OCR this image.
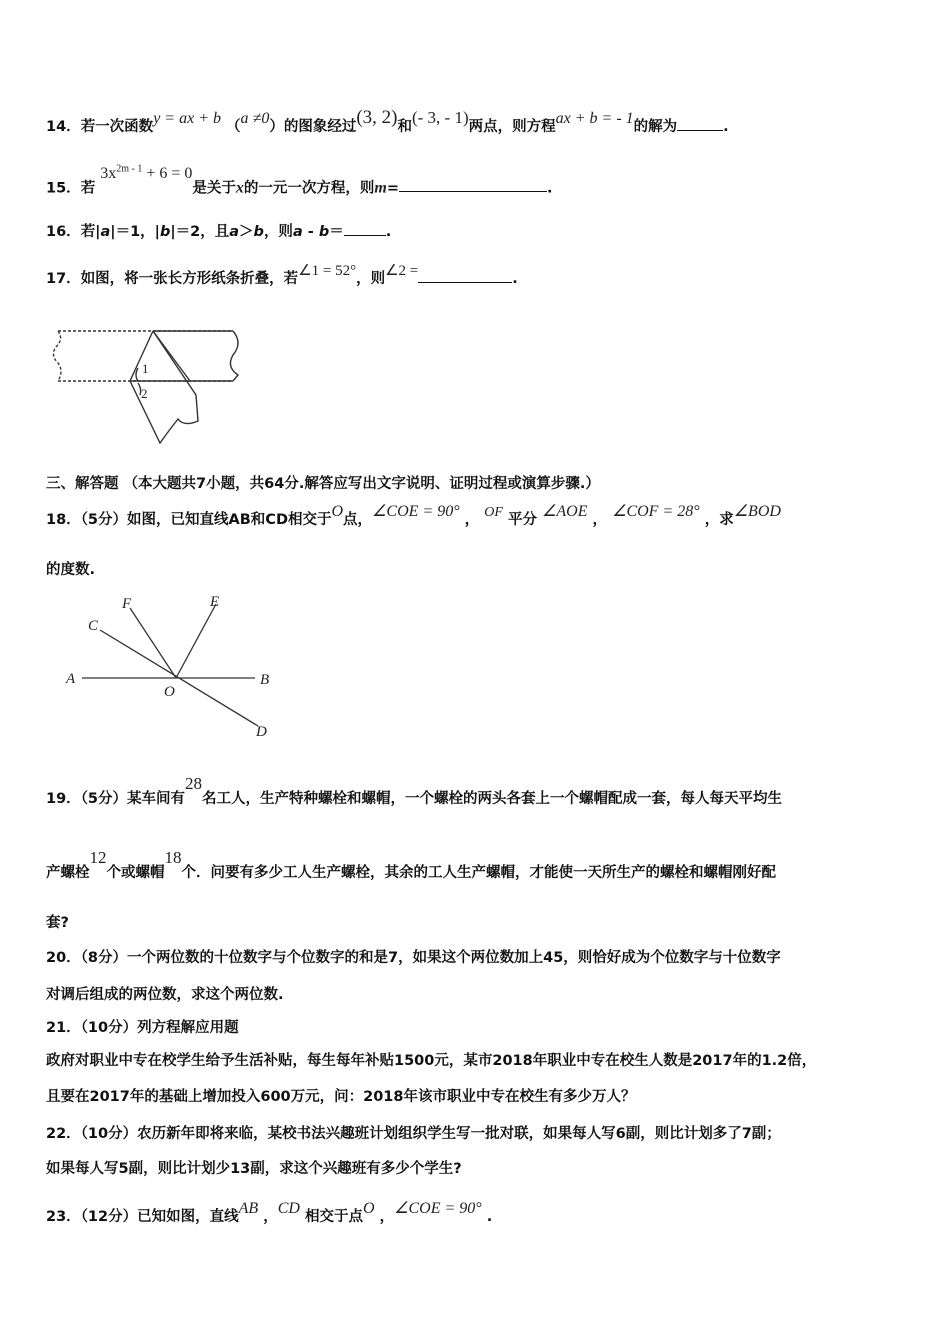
14．若一次函数y = ax + b （a ≠0）的图象经过(3, 2)和(- 3, - 1)两点，则方程ax + b = - 1的解为	.
15．若 $3x^{2m - 1} + 6 = 0$是关于x的一元一次方程，则m=	.
16．若|a|＝1，|b|＝2，且a＞b，则a - b＝	.
17．如图，将一张长方形纸条折叠，若∠1 = 52°，则∠2 =	.
1
2
三、解答题 （本大题共7小题，共64分.解答应写出文字说明、证明过程或演算步骤.）
18．（5分）如图，已知直线AB和CD相交于O点，∠COE = 90° ， OF 平分 ∠AOE ， ∠COF = 28° ，求∠BOD
的度数.
C
F	E
A
O
B
D
19．（5分）某车间有28名工人，生产特种螺栓和螺帽，一个螺栓的两头各套上一个螺帽配成一套，每人每天平均生
产螺栓12个或螺帽18个．问要有多少工人生产螺栓，其余的工人生产螺帽，才能使一天所生产的螺栓和螺帽刚好配
套?
20．（8分）一个两位数的十位数字与个位数字的和是7，如果这个两位数加上45，则恰好成为个位数字与十位数字
对调后组成的两位数，求这个两位数.
21．（10分）列方程解应用题
政府对职业中专在校学生给予生活补贴，每生每年补贴1500元，某市2018年职业中专在校生人数是2017年的1.2倍，
且要在2017年的基础上增加投入600万元，问：2018年该市职业中专在校生有多少万人？
22．（10分）农历新年即将来临，某校书法兴趣班计划组织学生写一批对联，如果每人写6副，则比计划多了7副；
如果每人写5副，则比计划少13副，求这个兴趣班有多少个学生?
23．（12分）已知如图，直线AB ，CD 相交于点O ，∠COE = 90° .
